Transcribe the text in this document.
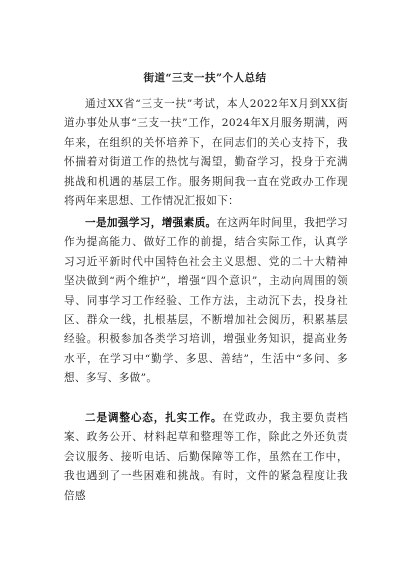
街道“三支一扶”个人总结

通过XX省“三支一扶”考试，本人2022年X月到XX街道办事处从事“三支一扶”工作，2024年X月服务期满，两年来，在组织的关怀培养下，在同志们的关心支持下，我怀揣着对街道工作的热忱与渴望，勤奋学习，投身于充满挑战和机遇的基层工作。服务期间我一直在党政办工作现将两年来思想、工作情况汇报如下：

一是加强学习，增强素质。在这两年时间里，我把学习作为提高能力、做好工作的前提，结合实际工作，认真学习习近平新时代中国特色社会主义思想、党的二十大精神坚决做到“两个维护”，增强“四个意识”，主动向周围的领导、同事学习工作经验、工作方法，主动沉下去，投身社区、群众一线，扎根基层，不断增加社会阅历，积累基层经验。积极参加各类学习培训，增强业务知识，提高业务水平，在学习中“勤学、多思、善结”，生活中“多问、多想、多写、多做”。

二是调整心态，扎实工作。在党政办，我主要负责档案、政务公开、材料起草和整理等工作，除此之外还负责会议服务、接听电话、后勤保障等工作，虽然在工作中，我也遇到了一些困难和挑战。有时，文件的紧急程度让我倍感
